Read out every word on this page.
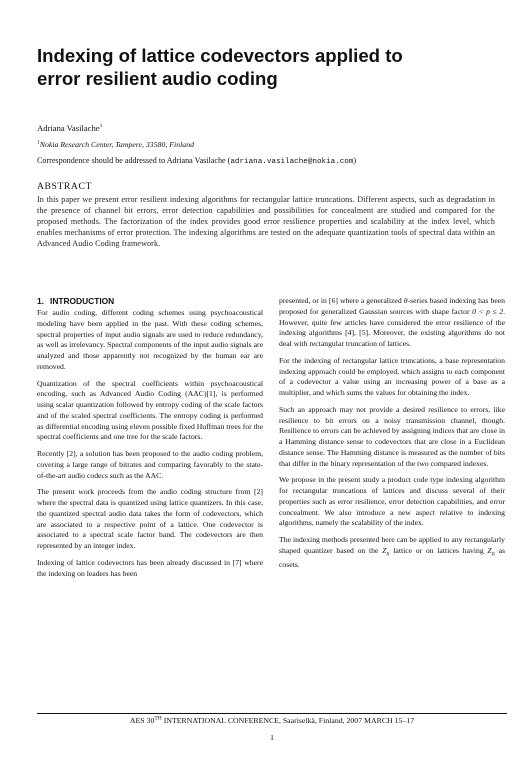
Indexing of lattice codevectors applied to
error resilient audio coding
Adriana Vasilache$^1$
$^1$Nokia Research Center, Tampere, 33580, Finland
Correspondence should be addressed to Adriana Vasilache (adriana.vasilache@nokia.com)
ABSTRACT

In this paper we present error resilient indexing algorithms for rectangular lattice truncations. Different aspects, such as degradation in the presence of channel bit errors, error detection capabilities and possibilities for concealment are studied and compared for the proposed methods. The factorization of the index provides good error resilience properties and scalability at the index level, which enables mechanisms of error protection. The indexing algorithms are tested on the adequate quantization tools of spectral data within an Advanced Audio Coding framework.

1. INTRODUCTION

For audio coding, different coding schemes using psychoacoustical modeling have been applied in the past. With these coding schemes, spectral properties of input audio signals are used to reduce redundancy, as well as irrelevancy. Spectral components of the input audio signals are analyzed and those apparently not recognized by the human ear are removed.

Quantization of the spectral coefficients within psychoacoustical encoding, such as Advanced Audio Coding (AAC)[1], is performed using scalar quantization followed by entropy coding of the scale factors and of the scaled spectral coefficients. The entropy coding is performed as differential encoding using eleven possible fixed Huffman trees for the spectral coefficients and one tree for the scale factors.

Recently [2], a solution has been proposed to the audio coding problem, covering a large range of bitrates and comparing favorably to the state-of-the-art audio codecs such as the AAC.

The present work proceeds from the audio coding structure from [2] where the spectral data is quantized using lattice quantizers. In this case, the quantized spectral audio data takes the form of codevectors, which are associated to a respective point of a lattice. One codevector is associated to a spectral scale factor band. The codevectors are then represented by an integer index.

Indexing of lattice codevectors has been already discussed in [7] where the indexing on leaders has been

presented, or in [6] where a generalized θ-series based indexing has been proposed for generalized Gaussian sources with shape factor 0 < p ≤ 2. However, quite few articles have considered the error resilience of the indexing algorithms [4], [5]. Moreover, the existing algorithms do not deal with rectangular truncation of lattices.

For the indexing of rectangular lattice truncations, a base representation indexing approach could be employed, which assigns to each component of a codevector a value using an increasing power of a base as a multiplier, and which sums the values for obtaining the index.

Such an approach may not provide a desired resilience to errors, like resilience to bit errors on a noisy transmission channel, though. Resilience to errors can be achieved by assigning indices that are close in a Hamming distance sense to codevectors that are close in a Euclidean distance sense. The Hamming distance is measured as the number of bits that differ in the binary representation of the two compared indexes.

We propose in the present study a product code type indexing algorithm for rectangular truncations of lattices and discuss several of their properties such as error resilience, error detection capabilities, and error concealment. We also introduce a new aspect relative to indexing algorithms, namely the scalability of the index.

The indexing methods presented here can be applied to any rectangularly shaped quantizer based on the $Z_n$ lattice or on lattices having $Z_n$ as cosets.

AES 30TH INTERNATIONAL CONFERENCE, Saariselkä, Finland, 2007 MARCH 15–17
1
